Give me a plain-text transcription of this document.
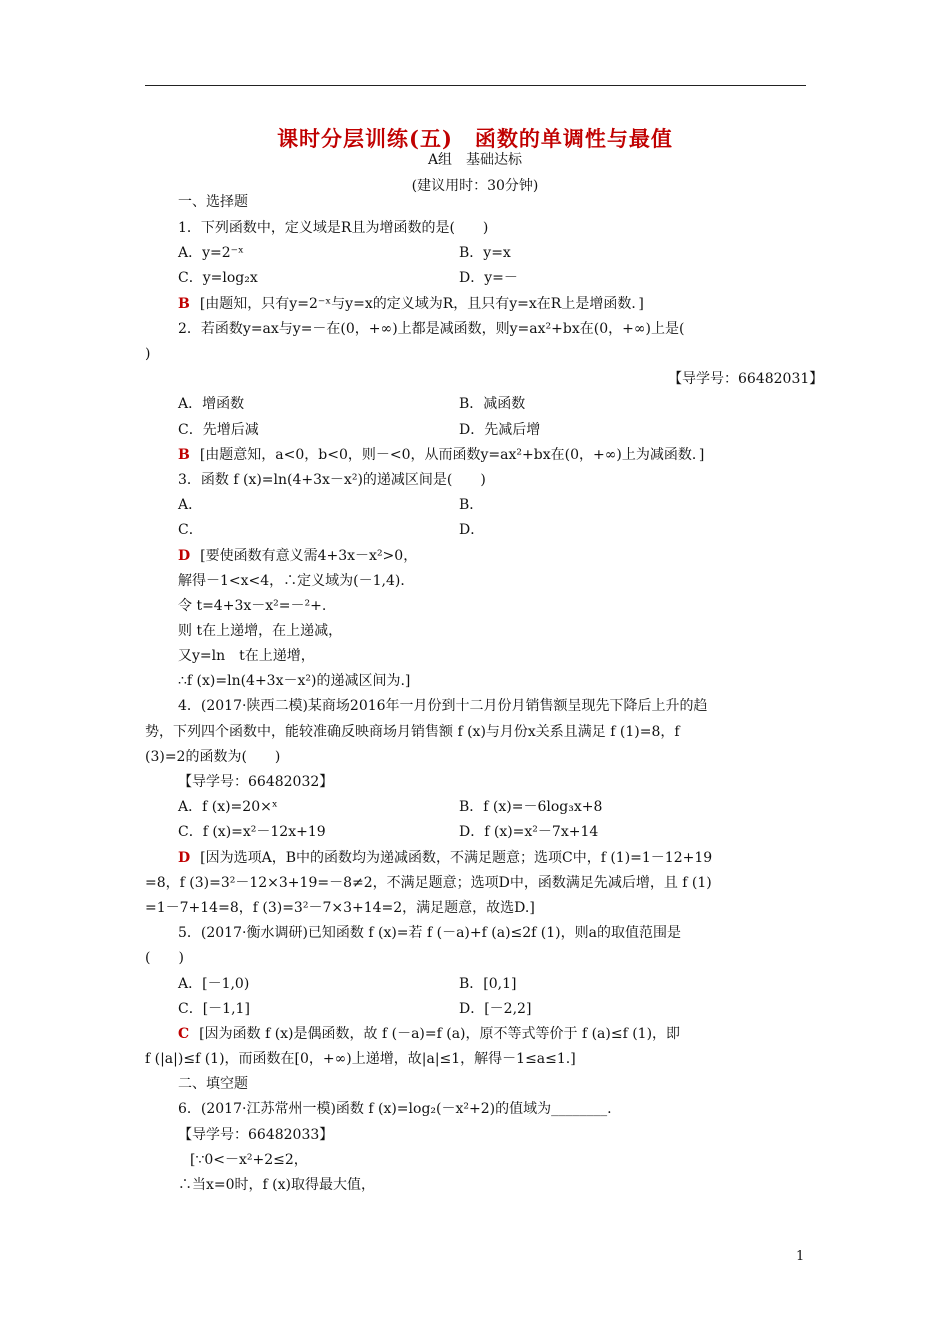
课时分层训练(五)　函数的单调性与最值
A组　基础达标
(建议用时：30分钟)
一、选择题
1．下列函数中，定义域是R且为增函数的是(　　)
A．y=2⁻ˣ	B．y=x
C．y=log₂x	D．y=－
B [由题知，只有y=2⁻ˣ与y=x的定义域为R，且只有y=x在R上是增函数．]
2．若函数y=ax与y=－在(0，+∞)上都是减函数，则y=ax²+bx在(0，+∞)上是(
)
【导学号：66482031】
A．增函数	B．减函数
C．先增后减	D．先减后增
B [由题意知，a<0，b<0，则－<0，从而函数y=ax²+bx在(0，+∞)上为减函数．]
3．函数 f (x)=ln(4+3x－x²)的递减区间是(　　)
A．	B．
C．	D．
D [要使函数有意义需4+3x－x²>0，
解得－1<x<4，∴定义域为(－1,4)．
令 t=4+3x－x²=－²+.
则 t在上递增，在上递减，
又y=ln　t在上递增，
∴f (x)=ln(4+3x－x²)的递减区间为.]
4．(2017·陕西二模)某商场2016年一月份到十二月份月销售额呈现先下降后上升的趋
势，下列四个函数中，能较准确反映商场月销售额 f (x)与月份x关系且满足 f (1)=8，f
(3)=2的函数为(　　)
【导学号：66482032】
A．f (x)=20×ˣ	B．f (x)=－6log₃x+8
C．f (x)=x²－12x+19	D．f (x)=x²－7x+14
D [因为选项A，B中的函数均为递减函数，不满足题意；选项C中，f (1)=1－12+19
=8，f (3)=3²－12×3+19=－8≠2，不满足题意；选项D中，函数满足先减后增，且 f (1)
=1－7+14=8，f (3)=3²－7×3+14=2，满足题意，故选D.]
5．(2017·衡水调研)已知函数 f (x)=若 f (－a)+f (a)≤2f (1)，则a的取值范围是
(　　)
A．[－1,0)	B．[0,1]
C．[－1,1]	D．[－2,2]
C [因为函数 f (x)是偶函数，故 f (－a)=f (a)，原不等式等价于 f (a)≤f (1)，即
f (|a|)≤f (1)，而函数在[0，+∞)上递增，故|a|≤1，解得－1≤a≤1.]
二、填空题
6．(2017·江苏常州一模)函数 f (x)=log₂(－x²+2)的值域为________.
【导学号：66482033】
[∵0<－x²+2≤2，
∴当x=0时，f (x)取得最大值，
1
